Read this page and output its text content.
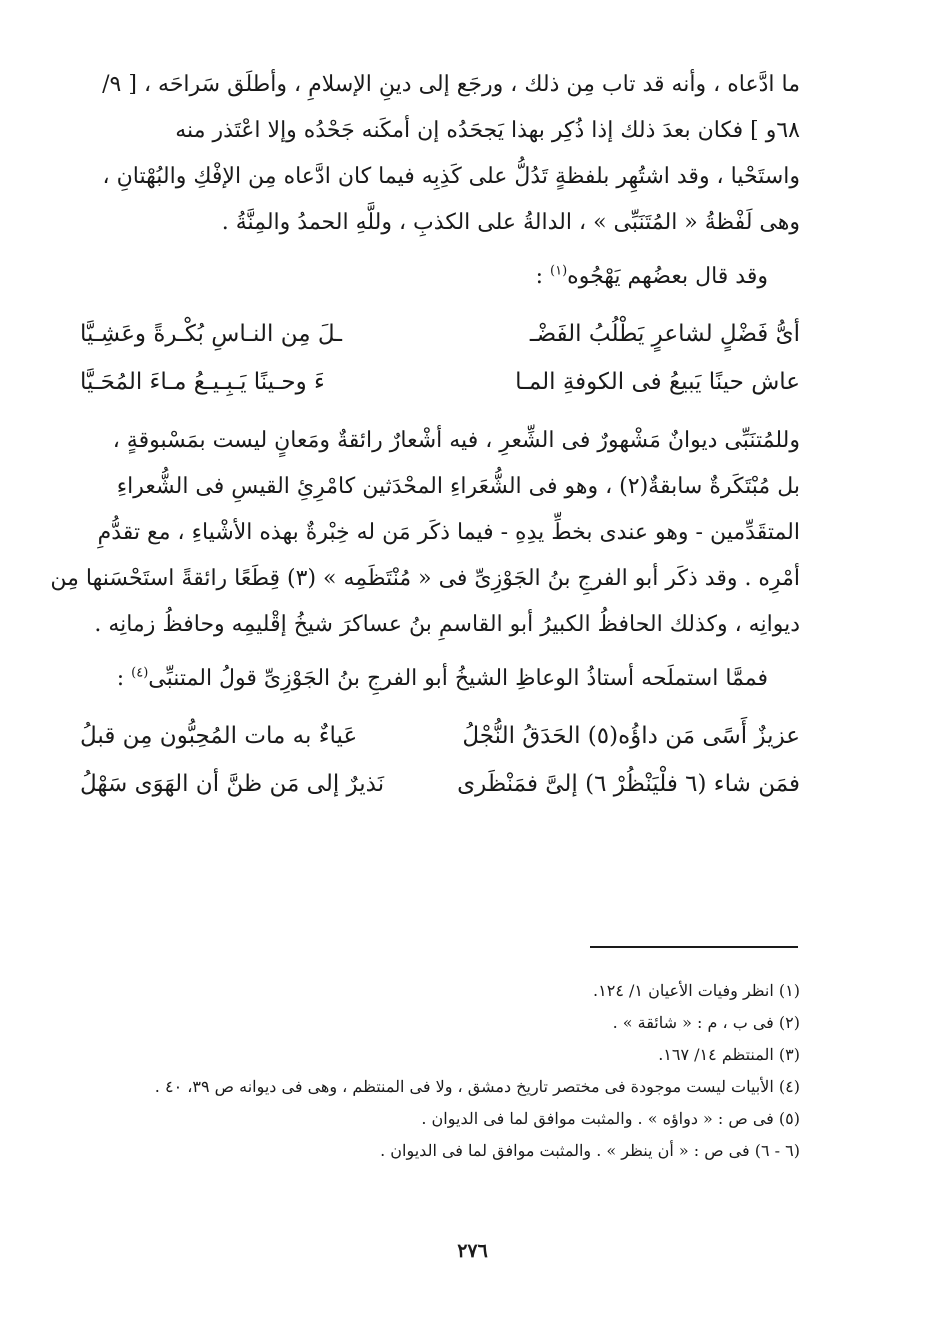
ما ادَّعاه ، وأنه قد تاب مِن ذلك ، ورجَع إلى دينِ الإسلامِ ، وأطلَق سَراحَه ، [ ٩/
٦٨و ] فكان بعدَ ذلك إذا ذُكِر بهذا يَجحَدُه إن أمكَنه جَحْدُه وإلا اعْتَذر منه
واستَحْيا ، وقد اشتُهِر بلفظةٍ تَدُلُّ على كَذِبِه فيما كان ادَّعاه مِن الإفْكِ والبُهْتانِ ،
وهى لَفْظةُ « المُتَنَبِّى » ، الدالةُ على الكذبِ ، وللَّهِ الحمدُ والمِنَّةُ .

وقد قال بعضُهم يَهْجُوه$^{(١)}$ :
أىُّ فَضْلٍ لشاعرٍ يَطْلُبُ الفَضْـ
ـلَ مِن النـاسِ بُكْـرةً وعَشِـيَّا
عاش حينًا يَبيعُ فى الكوفةِ المـا
ءَ وحـينًا يَـبِـيـعُ مـاءَ المُحَـيَّا

وللمُتنَبِّى ديوانٌ مَشْهورٌ فى الشِّعرِ ، فيه أشْعارٌ رائقةٌ ومَعانٍ ليست بمَسْبوقةٍ ،
بل مُبْتَكَرةٌ سابقةٌ(٢) ، وهو فى الشُّعَراءِ المحْدَثين كامْرِئِ القيسِ فى الشُّعراءِ
المتقَدِّمين - وهو عندى بخطِّ يدِهِ - فيما ذكَر مَن له خِبْرةٌ بهذه الأشْياءِ ، مع تقدُّمِ
أمْرِه . وقد ذكَر أبو الفرجِ بنُ الجَوْزِىِّ فى « مُنْتَظَمِه » (٣) قِطَعًا رائقةً استَحْسَنها مِن
ديوانِه ، وكذلك الحافظُ الكبيرُ أبو القاسمِ بنُ عساكرَ شيخُ إقْليمِه وحافظُ زمانِه .

فممَّا استملَحه أستاذُ الوعاظِ الشيخُ أبو الفرجِ بنُ الجَوْزِىِّ قولُ المتنبِّى$^{(٤)}$ :
عزيزٌ أَسًى مَن داؤُه(٥) الحَدَقُ النُّجْلُ
عَياءٌ به مات المُحِبُّون مِن قبلُ
فمَن شاء (٦ فلْيَنْظُرْ ٦) إلىَّ فمَنْظَرى
نَذيرٌ إلى مَن ظنَّ أن الهَوَى سَهْلُ
(١) انظر وفيات الأعيان ١/ ١٢٤.
(٢) فى ب ، م : « شائقة » .
(٣) المنتظم ١٤/ ١٦٧.
(٤) الأبيات ليست موجودة فى مختصر تاريخ دمشق ، ولا فى المنتظم ، وهى فى ديوانه ص ٣٩، ٤٠ .
(٥) فى ص : « دواؤه » . والمثبت موافق لما فى الديوان .
(٦ - ٦) فى ص : « أن ينظر » . والمثبت موافق لما فى الديوان .
٢٧٦
